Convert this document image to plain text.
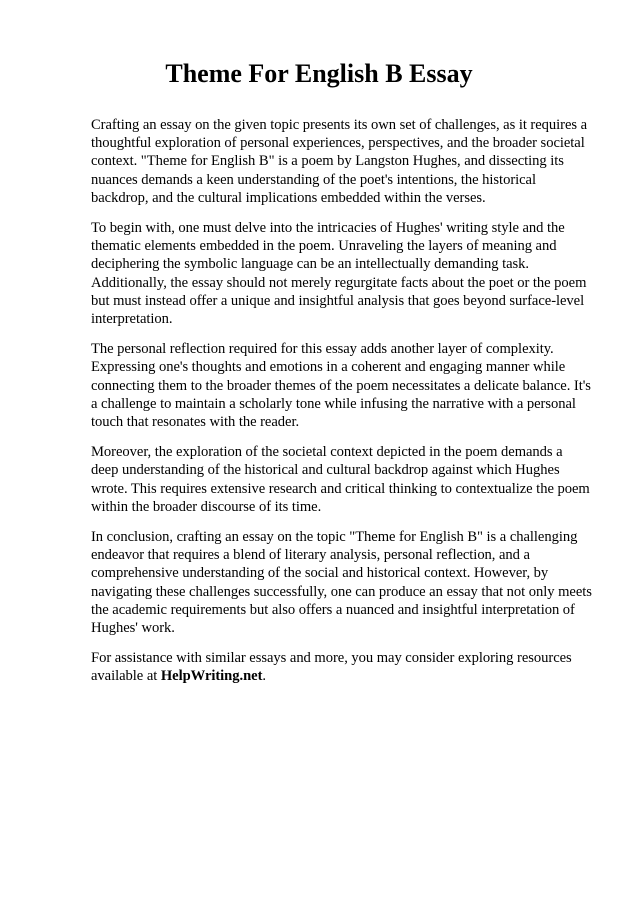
Theme For English B Essay

Crafting an essay on the given topic presents its own set of challenges, as it requires a thoughtful exploration of personal experiences, perspectives, and the broader societal context. "Theme for English B" is a poem by Langston Hughes, and dissecting its nuances demands a keen understanding of the poet's intentions, the historical backdrop, and the cultural implications embedded within the verses.

To begin with, one must delve into the intricacies of Hughes' writing style and the thematic elements embedded in the poem. Unraveling the layers of meaning and deciphering the symbolic language can be an intellectually demanding task. Additionally, the essay should not merely regurgitate facts about the poet or the poem but must instead offer a unique and insightful analysis that goes beyond surface-level interpretation.

The personal reflection required for this essay adds another layer of complexity. Expressing one's thoughts and emotions in a coherent and engaging manner while connecting them to the broader themes of the poem necessitates a delicate balance. It's a challenge to maintain a scholarly tone while infusing the narrative with a personal touch that resonates with the reader.

Moreover, the exploration of the societal context depicted in the poem demands a deep understanding of the historical and cultural backdrop against which Hughes wrote. This requires extensive research and critical thinking to contextualize the poem within the broader discourse of its time.

In conclusion, crafting an essay on the topic "Theme for English B" is a challenging endeavor that requires a blend of literary analysis, personal reflection, and a comprehensive understanding of the social and historical context. However, by navigating these challenges successfully, one can produce an essay that not only meets the academic requirements but also offers a nuanced and insightful interpretation of Hughes' work.

For assistance with similar essays and more, you may consider exploring resources available at HelpWriting.net.
